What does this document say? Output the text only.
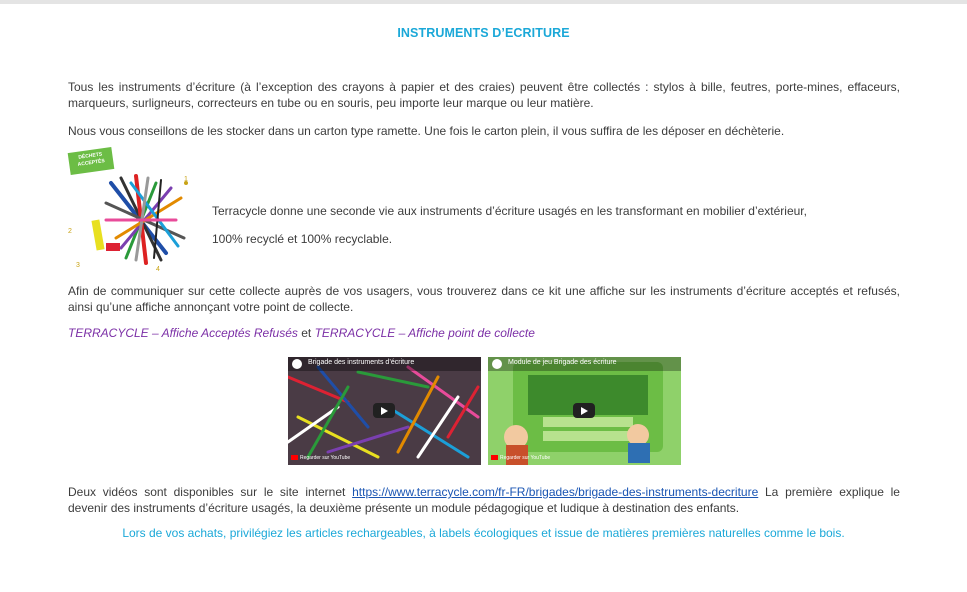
INSTRUMENTS D’ECRITURE

Tous les instruments d’écriture (à l’exception des crayons à papier et des craies) peuvent être collectés : stylos à bille, feutres, porte-mines, effaceurs, marqueurs, surligneurs, correcteurs en tube ou en souris, peu importe leur marque ou leur matière.

Nous vous conseillons de les stocker dans un carton type ramette. Une fois le carton plein, il vous suffira de les déposer en déchèterie.

DÉCHETS ACCEPTÉS
1
2
3
4
Terracycle donne une seconde vie aux instruments d’écriture usagés en les transformant en mobilier d’extérieur,
100% recyclé et 100% recyclable.

Afin de communiquer sur cette collecte auprès de vos usagers, vous trouverez dans ce kit une affiche sur les instruments d’écriture acceptés et refusés, ainsi qu’une affiche annonçant votre point de collecte.

TERRACYCLE – Affiche Acceptés Refusés et TERRACYCLE – Affiche point de collecte
Brigade des instruments d’écriture
Regarder sur YouTube
Module de jeu Brigade des écriture
Regarder sur YouTube

Deux vidéos sont disponibles sur le site internet https://www.terracycle.com/fr-FR/brigades/brigade-des-instruments-decriture La première explique le devenir des instruments d’écriture usagés, la deuxième présente un module pédagogique et ludique à destination des enfants.

Lors de vos achats, privilégiez les articles rechargeables, à labels écologiques et issue de matières premières naturelles comme le bois.
